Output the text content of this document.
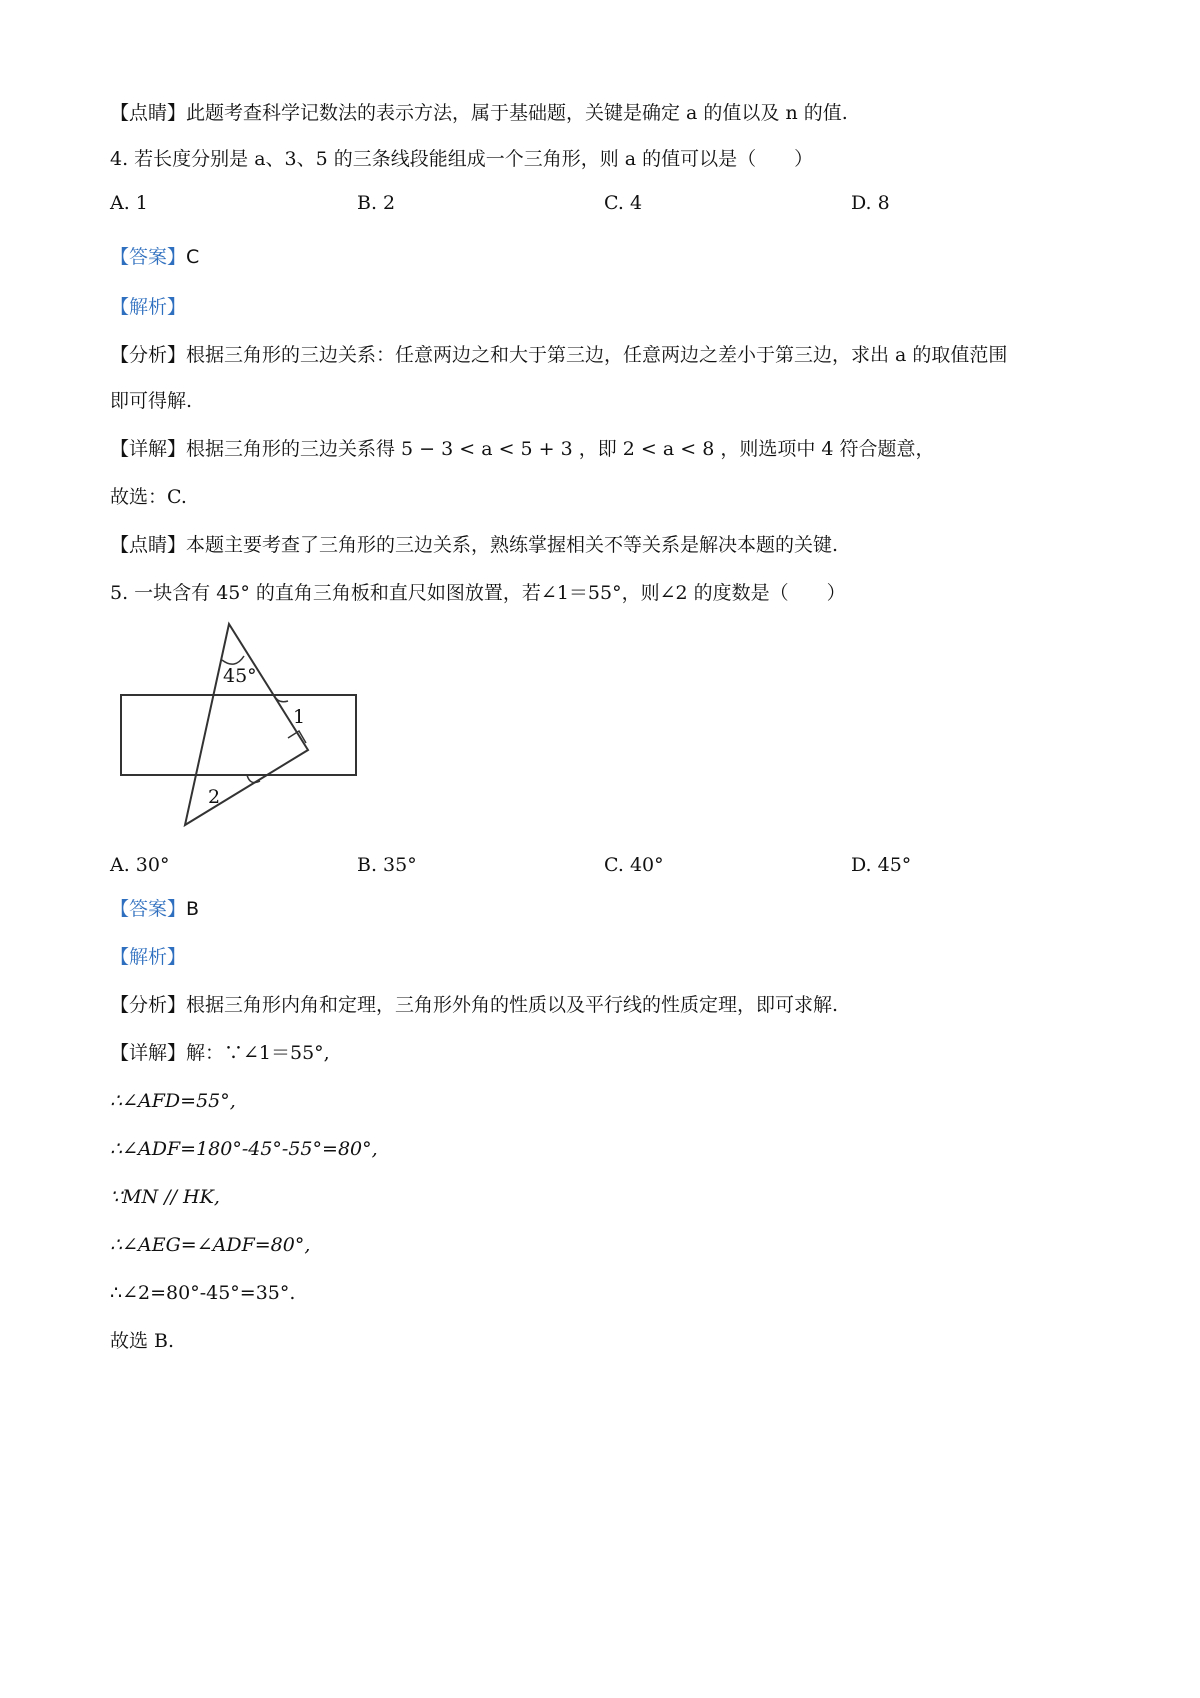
【点睛】此题考查科学记数法的表示方法，属于基础题，关键是确定 a 的值以及 n 的值.
4. 若长度分别是 a、3、5 的三条线段能组成一个三角形，则 a 的值可以是（　　）
A. 1	B. 2	C. 4	D. 8
【答案】C
【解析】
【分析】根据三角形的三边关系：任意两边之和大于第三边，任意两边之差小于第三边，求出 a 的取值范围
即可得解.
【详解】根据三角形的三边关系得 5 − 3 < a < 5 + 3 ，即 2 < a < 8 ，则选项中 4 符合题意，
故选：C.
【点睛】本题主要考查了三角形的三边关系，熟练掌握相关不等关系是解决本题的关键.
5. 一块含有 45° 的直角三角板和直尺如图放置，若∠1＝55°，则∠2 的度数是（　　）
45°
1
2
A. 30°	B. 35°	C. 40°	D. 45°
【答案】B
【解析】
【分析】根据三角形内角和定理，三角形外角的性质以及平行线的性质定理，即可求解.
【详解】解：∵∠1＝55°,
∴∠AFD=55°,
∴∠ADF=180°-45°-55°=80°,
∵MN // HK,
∴∠AEG=∠ADF=80°,
∴∠2=80°-45°=35°.
故选 B.
